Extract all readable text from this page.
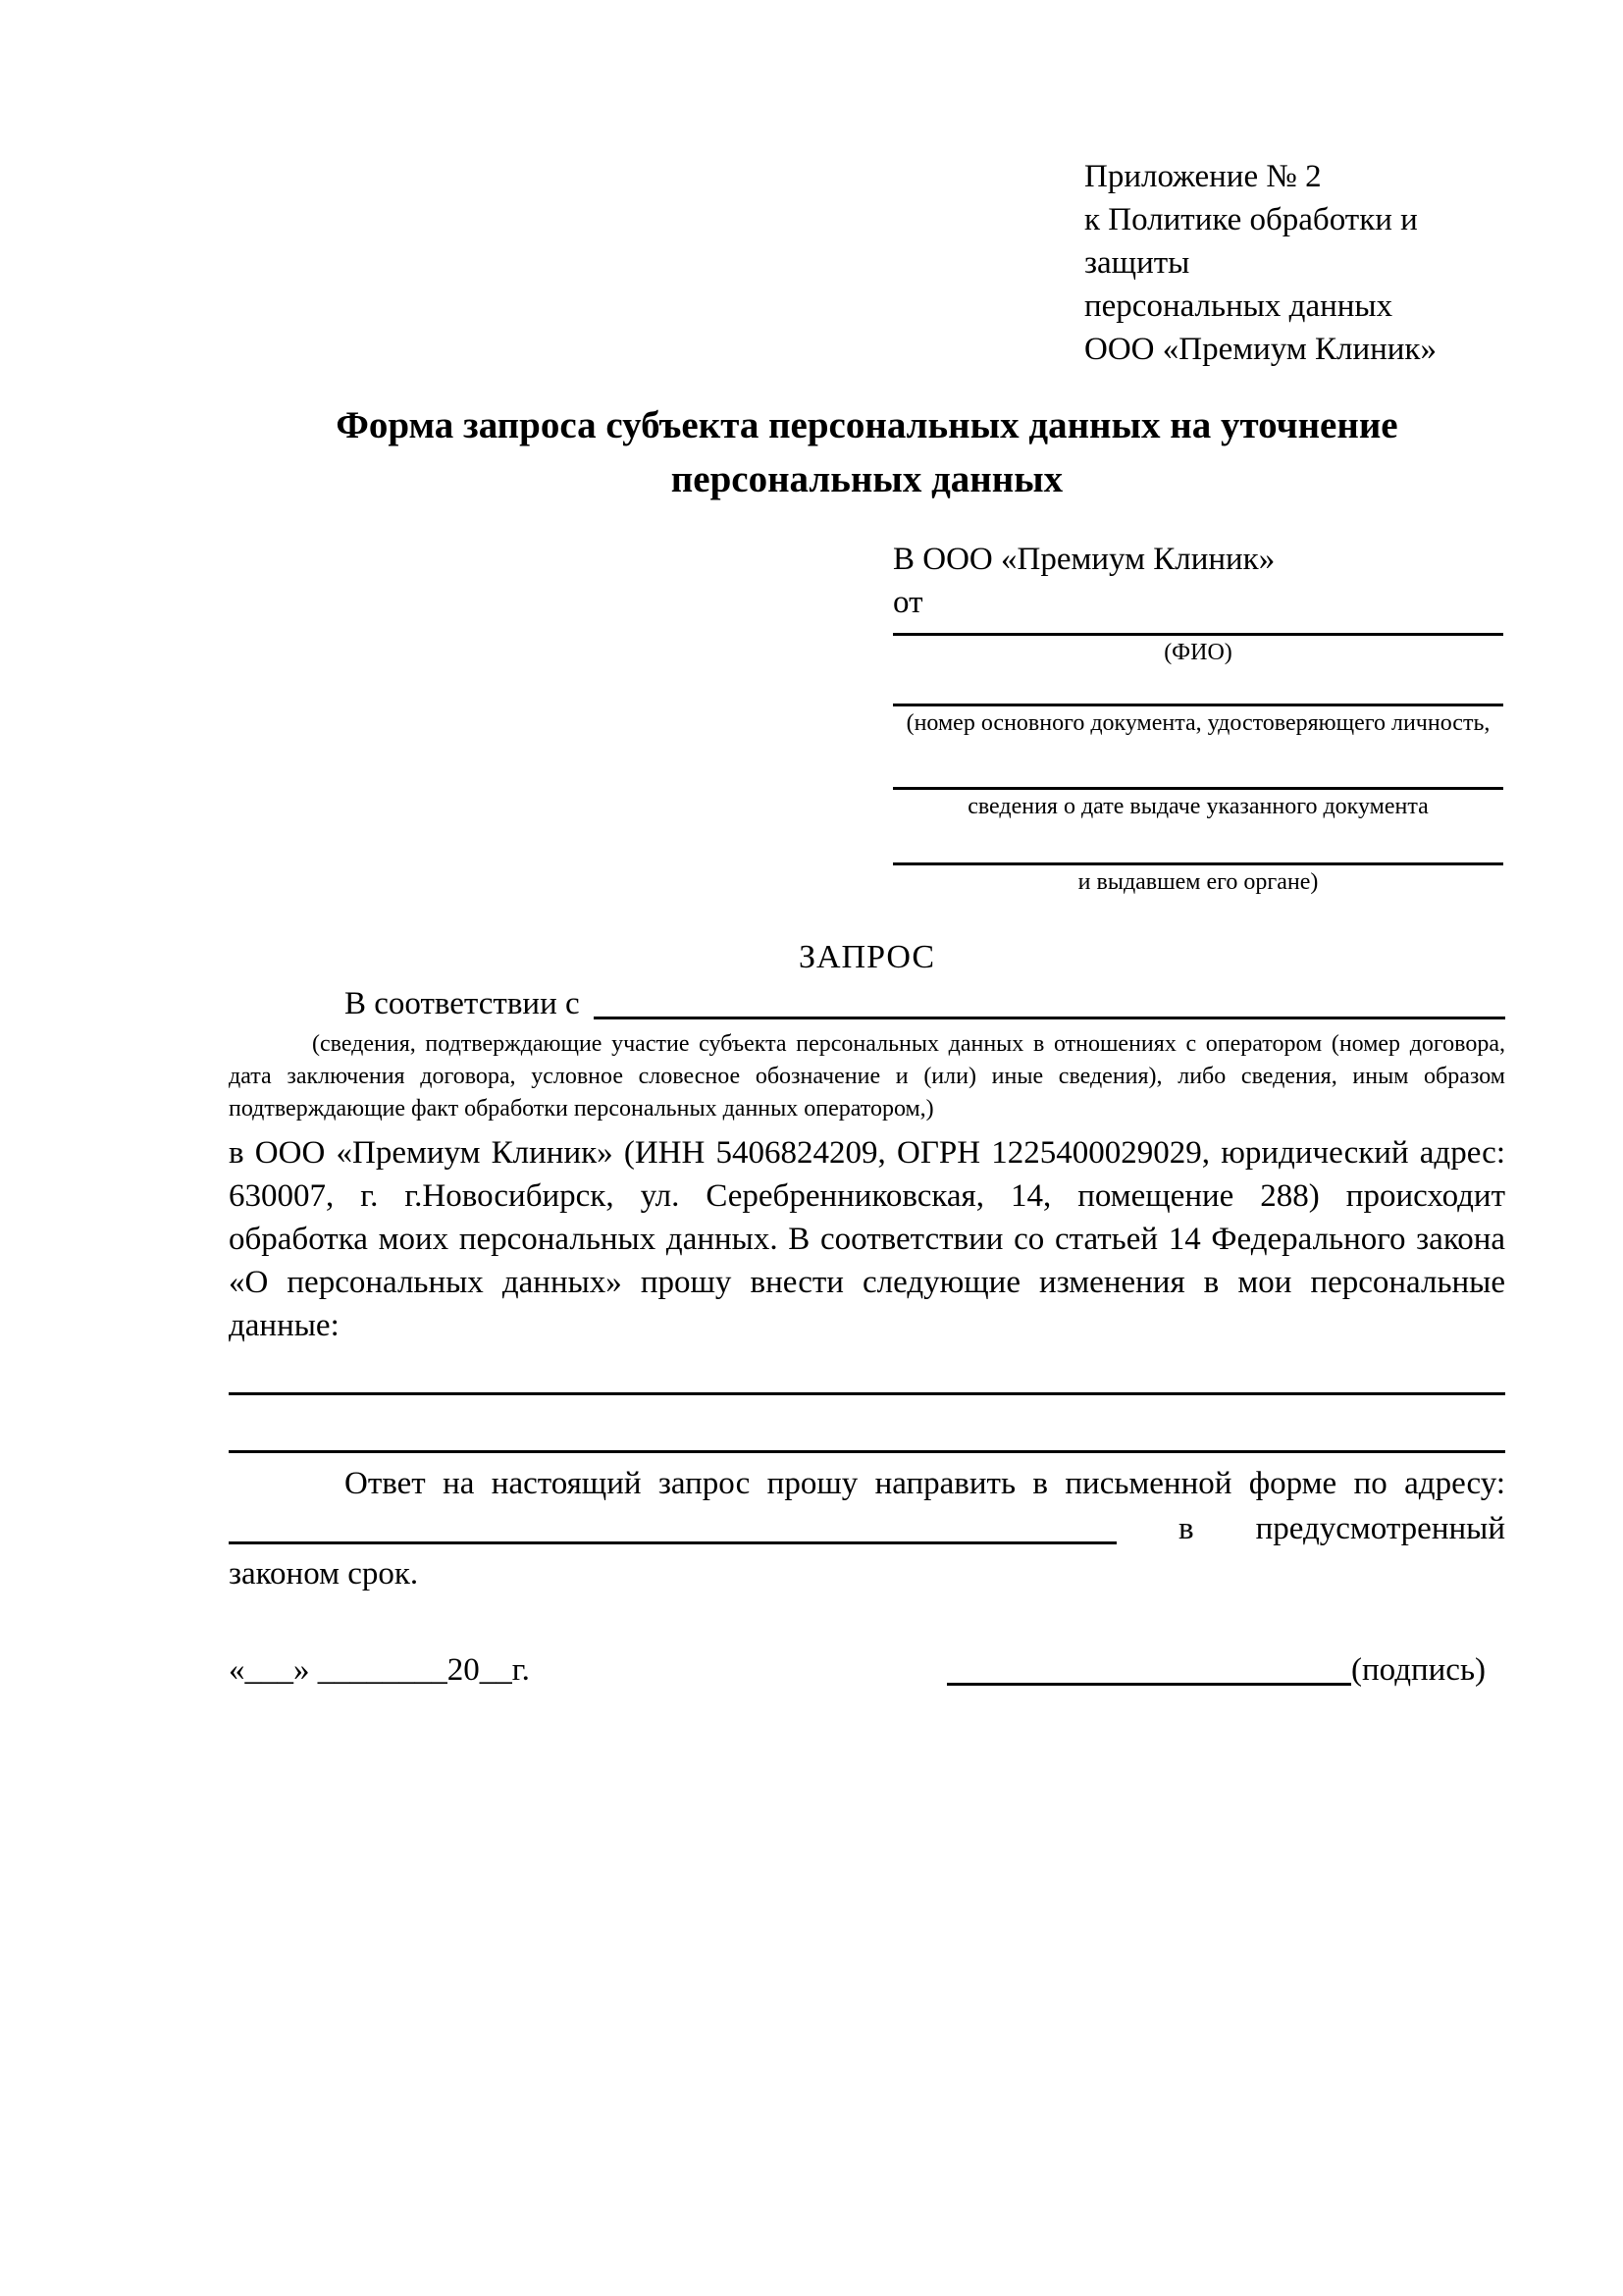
Приложение № 2
к Политике обработки и защиты
персональных данных
ООО «Премиум Клиник»
Форма запроса субъекта персональных данных на уточнение персональных данных

В ООО «Премиум Клиник»

от

(ФИО)
(номер основного документа, удостоверяющего личность,
сведения о дате выдаче указанного документа
и выдавшем его органе)
ЗАПРОС
В соответствии с
(сведения, подтверждающие участие субъекта персональных данных в отношениях с оператором (номер договора, дата заключения договора, условное словесное обозначение и (или) иные сведения), либо сведения, иным образом подтверждающие факт обработки персональных данных оператором,)
в ООО «Премиум Клиник» (ИНН 5406824209, ОГРН 1225400029029, юридический адрес: 630007, г. г.Новосибирск, ул. Серебренниковская, 14, помещение 288) происходит обработка моих персональных данных. В соответствии со статьей 14 Федерального закона «О персональных данных» прошу внести следующие изменения в мои персональные данные:
Ответ на настоящий запрос прошу направить в письменной форме по адресу:
в предусмотренный
законом срок.
«___» ________20__г.	(подпись)
